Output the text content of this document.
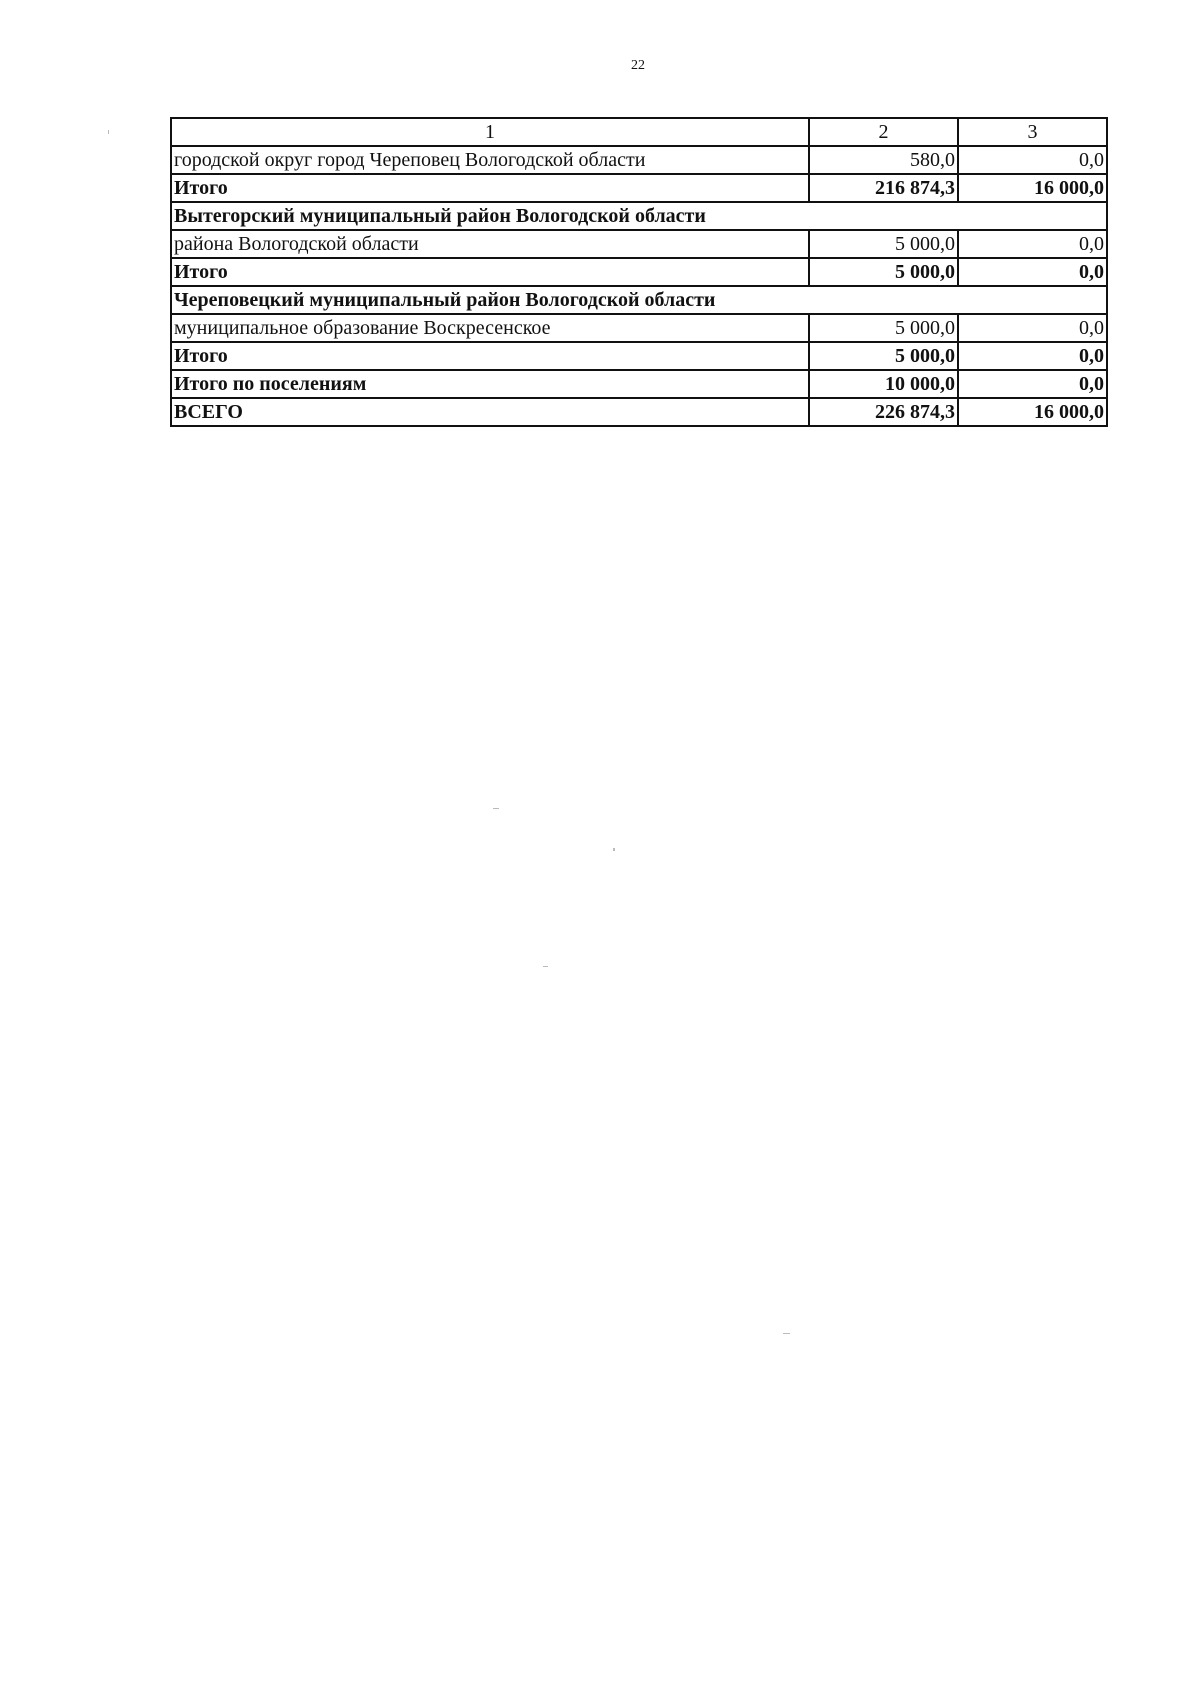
22
1	2	3
городской округ город Череповец Вологодской области	580,0	0,0
Итого	216 874,3	16 000,0
Вытегорский муниципальный район Вологодской области		
района Вологодской области	5 000,0	0,0
Итого	5 000,0	0,0
Череповецкий муниципальный район Вологодской области		
муниципальное образование Воскресенское	5 000,0	0,0
Итого	5 000,0	0,0
Итого по поселениям	10 000,0	0,0
ВСЕГО	226 874,3	16 000,0
